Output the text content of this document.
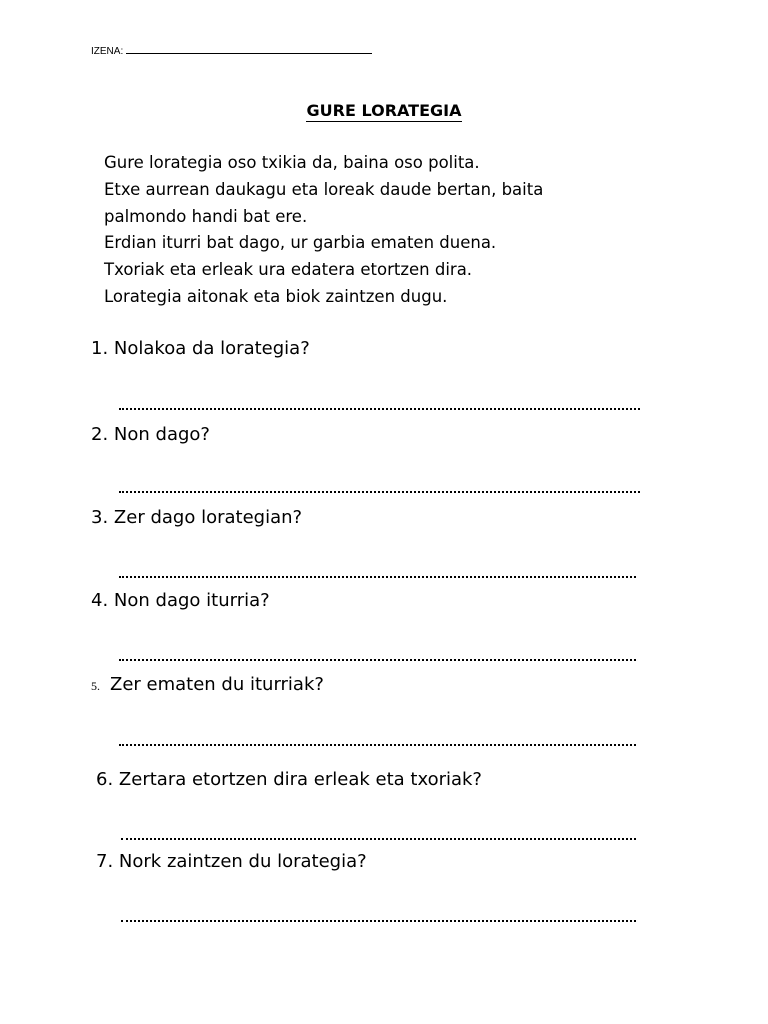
IZENA:
GURE LORATEGIA
Gure lorategia oso txikia da, baina oso polita.
Etxe aurrean daukagu eta loreak daude bertan, baita
palmondo handi bat ere.
Erdian iturri bat dago, ur garbia ematen duena.
Txoriak eta erleak ura edatera etortzen dira.
Lorategia aitonak eta biok zaintzen dugu.
1. Nolakoa da lorategia?
2. Non dago?
3. Zer dago lorategian?
4. Non dago iturria?
5. Zer ematen du iturriak?
6. Zertara etortzen dira erleak eta txoriak?
7. Nork zaintzen du lorategia?
